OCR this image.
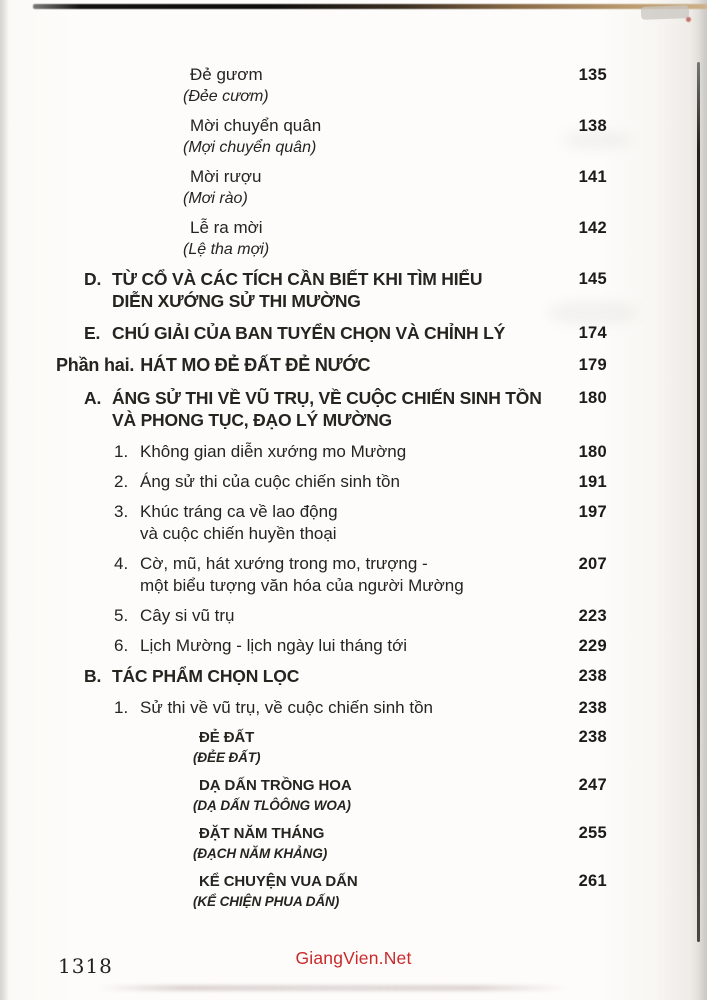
Đẻ gươm	135
(Đẻe cươm)
Mời chuyển quân	138
(Mợi chuyển quân)
Mời rượu	141
(Mơi rào)
Lễ ra mời	142
(Lệ tha mợi)
D. TỪ CỔ VÀ CÁC TÍCH CẦN BIẾT KHI TÌM HIỂU	145
DIỄN XƯỚNG SỬ THI MƯỜNG
E. CHÚ GIẢI CỦA BAN TUYỂN CHỌN VÀ CHỈNH LÝ	174
Phần hai. HÁT MO ĐẺ ĐẤT ĐẺ NƯỚC	179
A. ÁNG SỬ THI VỀ VŨ TRỤ, VỀ CUỘC CHIẾN SINH TỒN 180
VÀ PHONG TỤC, ĐẠO LÝ MƯỜNG
1. Không gian diễn xướng mo Mường	180
2. Áng sử thi của cuộc chiến sinh tồn	191
3. Khúc tráng ca về lao động	197
và cuộc chiến huyền thoại
4. Cờ, mũ, hát xướng trong mo, trượng -	207
một biểu tượng văn hóa của người Mường
5. Cây si vũ trụ	223
6. Lịch Mường - lịch ngày lui tháng tới	229
B. TÁC PHẨM CHỌN LỌC	238
1. Sử thi về vũ trụ, về cuộc chiến sinh tồn	238
ĐẺ ĐẤT	238
(ĐẺE ĐẤT)
DẠ DẤN TRỒNG HOA	247
(DẠ DẤN TLÔÔNG WOA)
ĐẶT NĂM THÁNG	255
(ĐẠCH NĂM KHẢNG)
KỂ CHUYỆN VUA DẤN	261
(KỂ CHIỆN PHUA DẤN)
1318	GiangVien.Net
